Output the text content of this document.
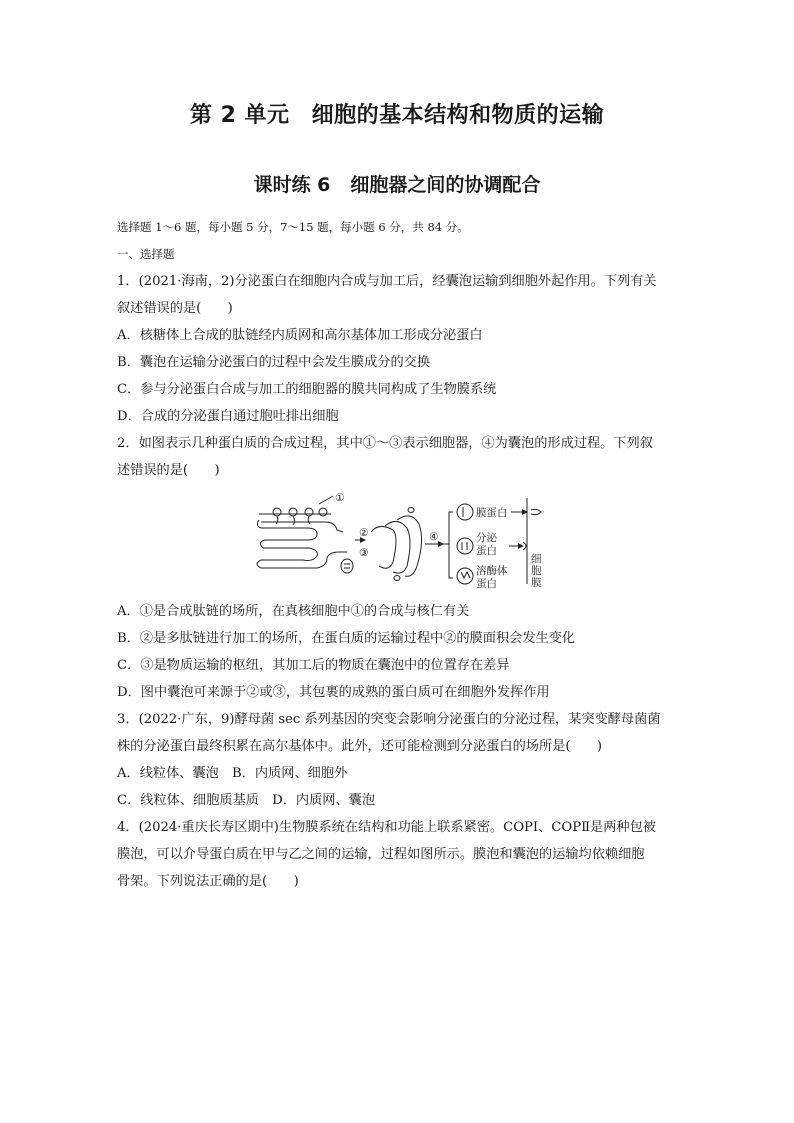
第 2 单元 细胞的基本结构和物质的运输
课时练 6 细胞器之间的协调配合
选择题 1～6 题，每小题 5 分，7～15 题，每小题 6 分，共 84 分。
一、选择题
1．(2021·海南，2)分泌蛋白在细胞内合成与加工后，经囊泡运输到细胞外起作用。下列有关
叙述错误的是(　　)
A．核糖体上合成的肽链经内质网和高尔基体加工形成分泌蛋白
B．囊泡在运输分泌蛋白的过程中会发生膜成分的交换
C．参与分泌蛋白合成与加工的细胞器的膜共同构成了生物膜系统
D．合成的分泌蛋白通过胞吐排出细胞
2．如图表示几种蛋白质的合成过程，其中①～③表示细胞器，④为囊泡的形成过程。下列叙
述错误的是(　　)
①
②
③
④
膜蛋白
分泌
蛋白
溶酶体
蛋白
细
胞
膜
A．①是合成肽链的场所，在真核细胞中①的合成与核仁有关
B．②是多肽链进行加工的场所，在蛋白质的运输过程中②的膜面积会发生变化
C．③是物质运输的枢纽，其加工后的物质在囊泡中的位置存在差异
D．图中囊泡可来源于②或③，其包裹的成熟的蛋白质可在细胞外发挥作用
3．(2022·广东，9)酵母菌 sec 系列基因的突变会影响分泌蛋白的分泌过程，某突变酵母菌菌
株的分泌蛋白最终积累在高尔基体中。此外，还可能检测到分泌蛋白的场所是(　　)
A．线粒体、囊泡　B．内质网、细胞外
C．线粒体、细胞质基质　D．内质网、囊泡
4．(2024·重庆长寿区期中)生物膜系统在结构和功能上联系紧密。COPⅠ、COPⅡ是两种包被
膜泡，可以介导蛋白质在甲与乙之间的运输，过程如图所示。膜泡和囊泡的运输均依赖细胞
骨架。下列说法正确的是(　　)
